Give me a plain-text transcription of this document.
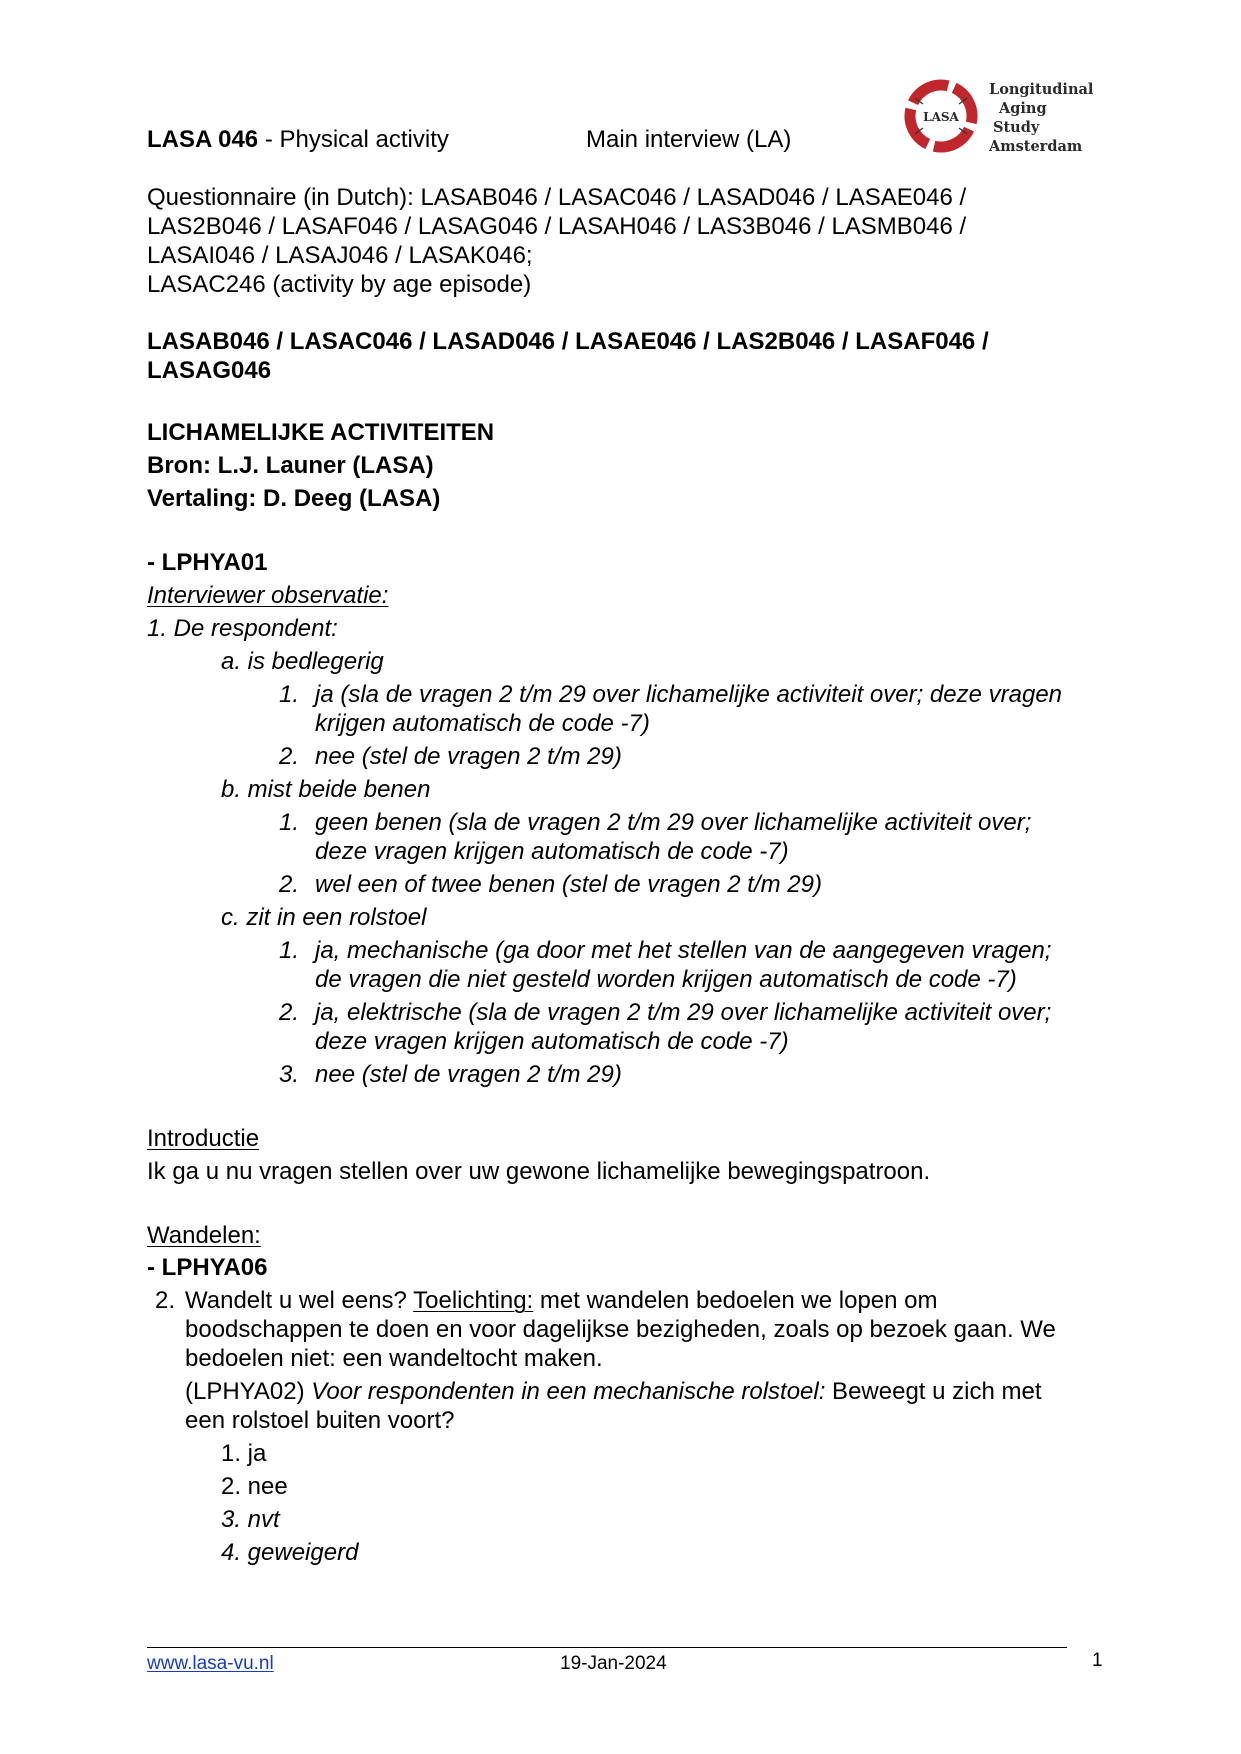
LASA 046 - Physical activity	Main interview (LA)
LASA
Longitudinal
Aging
Study
Amsterdam
Questionnaire (in Dutch): LASAB046 / LASAC046 / LASAD046 / LASAE046 /
LAS2B046 / LASAF046 / LASAG046 / LASAH046 / LAS3B046 / LASMB046 /
LASAI046 / LASAJ046 / LASAK046;
LASAC246 (activity by age episode)
LASAB046 / LASAC046 / LASAD046 / LASAE046 / LAS2B046 / LASAF046 /
LASAG046
LICHAMELIJKE ACTIVITEITEN
Bron: L.J. Launer (LASA)
Vertaling: D. Deeg (LASA)
- LPHYA01
Interviewer observatie:
1. De respondent:
a. is bedlegerig
1. ja (sla de vragen 2 t/m 29 over lichamelijke activiteit over; deze vragen
krijgen automatisch de code -7)
2. nee (stel de vragen 2 t/m 29)
b. mist beide benen
1. geen benen (sla de vragen 2 t/m 29 over lichamelijke activiteit over;
deze vragen krijgen automatisch de code -7)
2. wel een of twee benen (stel de vragen 2 t/m 29)
c. zit in een rolstoel
1. ja, mechanische (ga door met het stellen van de aangegeven vragen;
de vragen die niet gesteld worden krijgen automatisch de code -7)
2. ja, elektrische (sla de vragen 2 t/m 29 over lichamelijke activiteit over;
deze vragen krijgen automatisch de code -7)
3. nee (stel de vragen 2 t/m 29)
Introductie
Ik ga u nu vragen stellen over uw gewone lichamelijke bewegingspatroon.
Wandelen:
- LPHYA06
2. Wandelt u wel eens? Toelichting: met wandelen bedoelen we lopen om
boodschappen te doen en voor dagelijkse bezigheden, zoals op bezoek gaan. We
bedoelen niet: een wandeltocht maken.
(LPHYA02) Voor respondenten in een mechanische rolstoel: Beweegt u zich met
een rolstoel buiten voort?
1. ja
2. nee
3. nvt
4. geweigerd
www.lasa-vu.nl	19-Jan-2024	1
